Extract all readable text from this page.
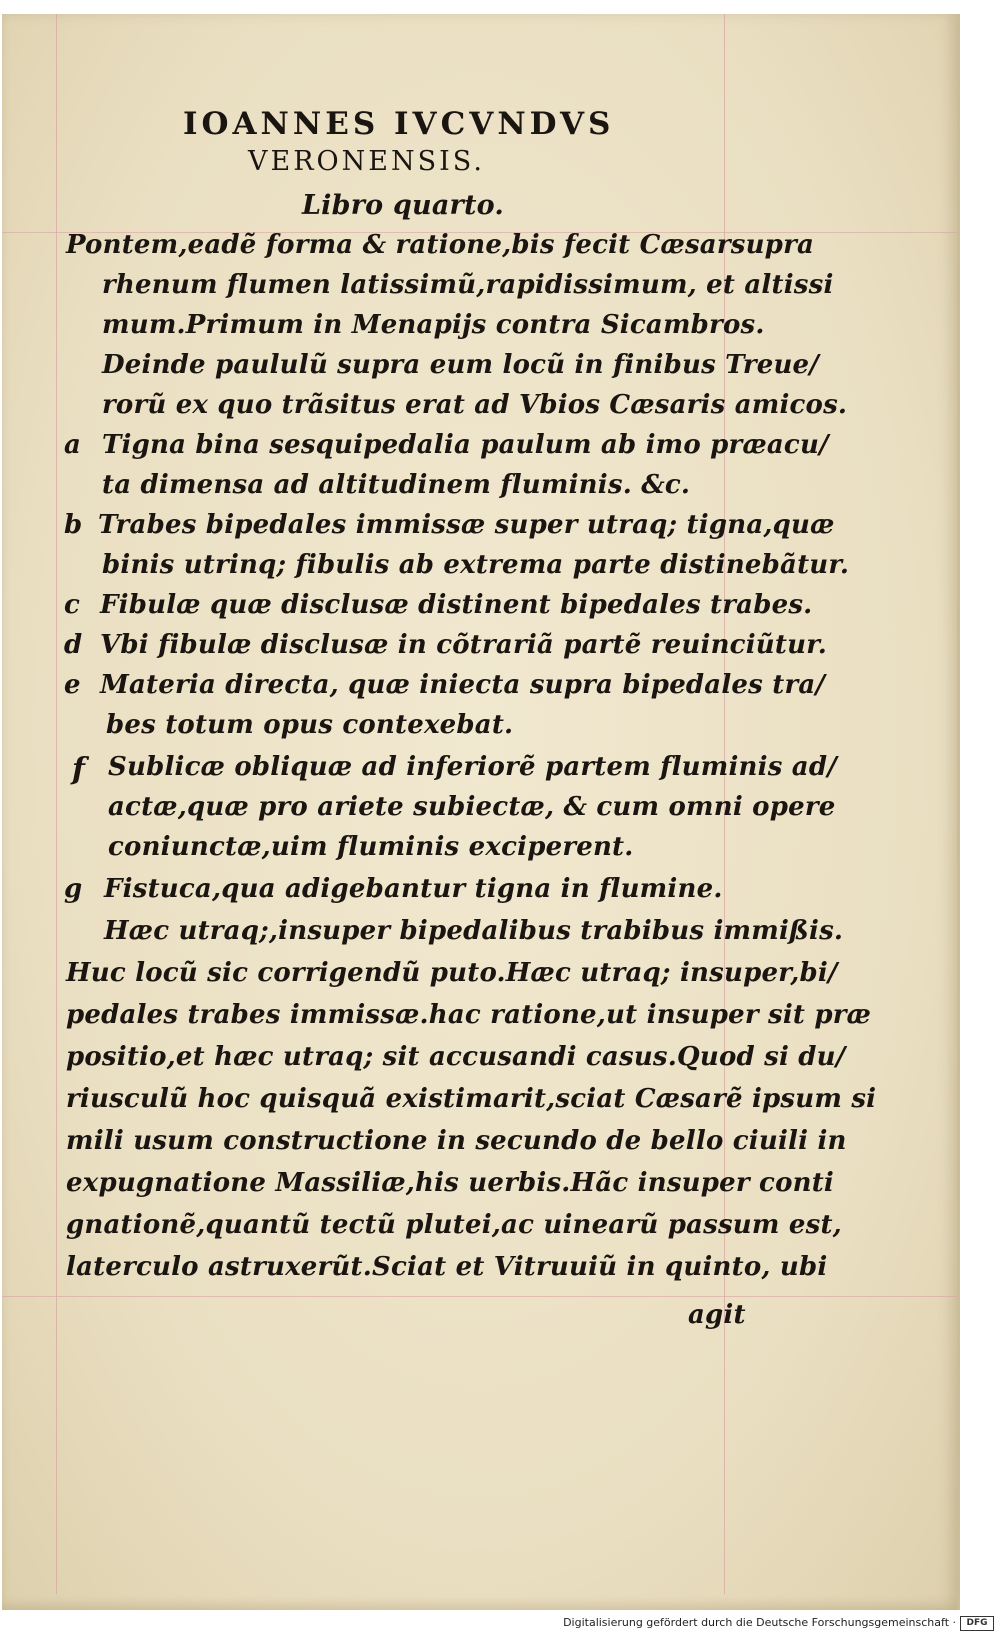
IOANNES IVCVNDVS
VERONENSIS.
Libro quarto.
Pontem,eadẽ forma & ratione,bis fecit Cæsarsupra
rhenum flumen latissimũ,rapidissimum, et altissi
mum.Primum in Menapijs contra Sicambros.
Deinde paululũ supra eum locũ in finibus Treue/
rorũ ex quo trãsitus erat ad Vbios Cæsaris amicos.
a Tigna bina sesquipedalia paulum ab imo præacu/
ta dimensa ad altitudinem fluminis. &c.
b Trabes bipedales immissæ super utraq; tigna,quæ
binis utrinq; fibulis ab extrema parte distinebãtur.
c Fibulæ quæ disclusæ distinent bipedales trabes.
d Vbi fibulæ disclusæ in cõtrariã partẽ reuinciũtur.
e Materia directa, quæ iniecta supra bipedales tra/
bes totum opus contexebat.
f Sublicæ obliquæ ad inferiorẽ partem fluminis ad/
actæ,quæ pro ariete subiectæ, & cum omni opere
coniunctæ,uim fluminis exciperent.
g Fistuca,qua adigebantur tigna in flumine.
Hæc utraq;,insuper bipedalibus trabibus immißis.
Huc locũ sic corrigendũ puto.Hæc utraq; insuper,bi/
pedales trabes immissæ.hac ratione,ut insuper sit præ
positio,et hæc utraq; sit accusandi casus.Quod si du/
riusculũ hoc quisquã existimarit,sciat Cæsarẽ ipsum si
mili usum constructione in secundo de bello ciuili in
expugnatione Massiliæ,his uerbis.Hãc insuper conti
gnationẽ,quantũ tectũ plutei,ac uinearũ passum est,
laterculo astruxerũt.Sciat et Vitruuiũ in quinto, ubi
agit
Digitalisierung gefördert durch die Deutsche Forschungsgemeinschaft ·	DFG
